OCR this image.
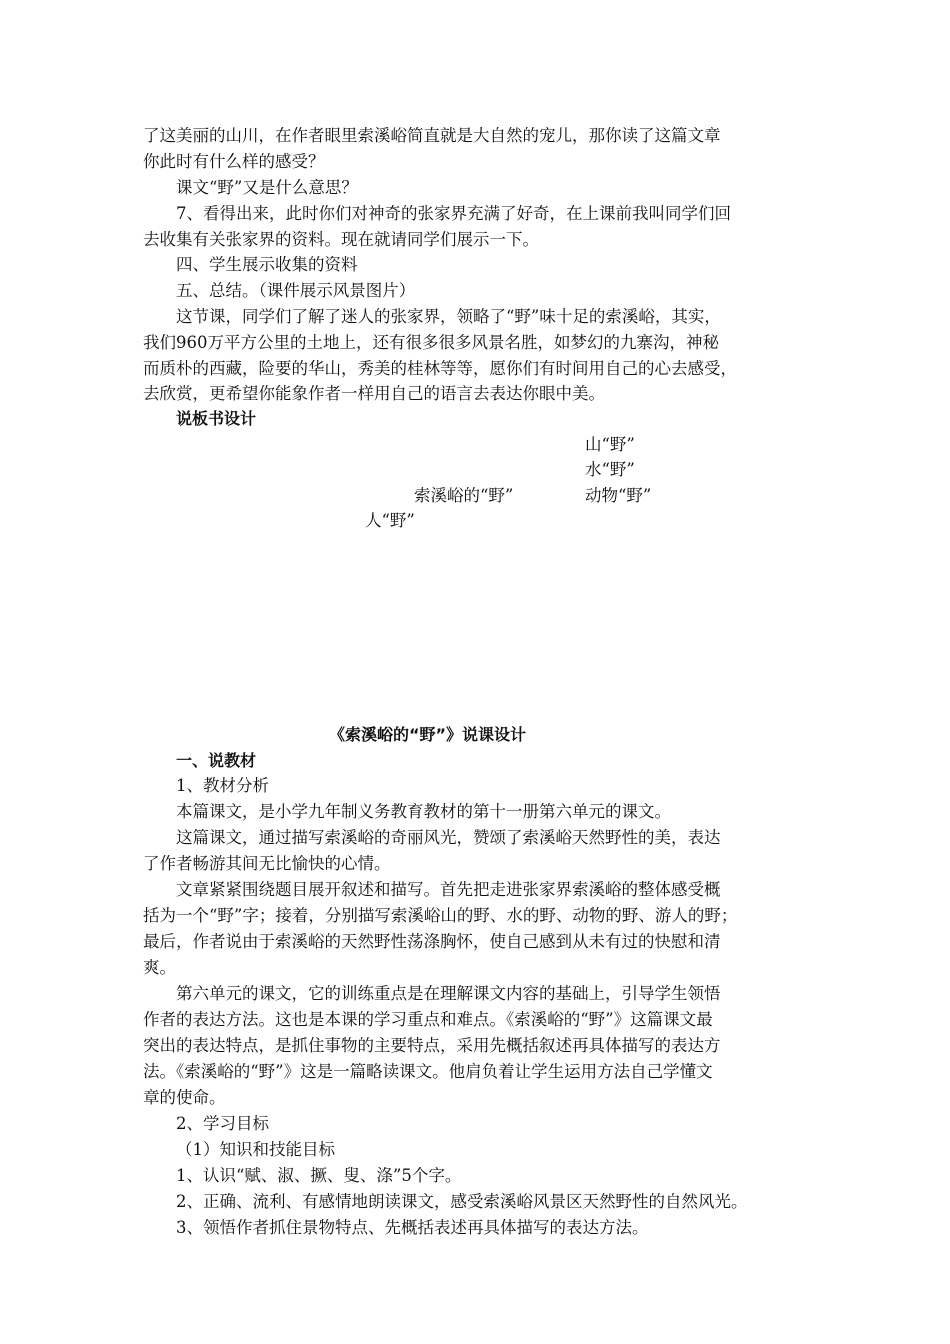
了这美丽的山川，在作者眼里索溪峪简直就是大自然的宠儿，那你读了这篇文章
你此时有什么样的感受？
课文“野”又是什么意思？
7、看得出来，此时你们对神奇的张家界充满了好奇，在上课前我叫同学们回
去收集有关张家界的资料。现在就请同学们展示一下。
四、学生展示收集的资料
五、总结。（课件展示风景图片）
这节课，同学们了解了迷人的张家界，领略了“野”味十足的索溪峪，其实，
我们960万平方公里的土地上，还有很多很多风景名胜，如梦幻的九寨沟，神秘
而质朴的西藏，险要的华山，秀美的桂林等等，愿你们有时间用自己的心去感受，
去欣赏，更希望你能象作者一样用自己的语言去表达你眼中美。
说板书设计
山“野”
水“野”
索溪峪的“野”	动物“野”
人“野”
《索溪峪的“野”》说课设计
一、说教材
1、教材分析
本篇课文，是小学九年制义务教育教材的第十一册第六单元的课文。
这篇课文，通过描写索溪峪的奇丽风光，赞颂了索溪峪天然野性的美，表达
了作者畅游其间无比愉快的心情。
文章紧紧围绕题目展开叙述和描写。首先把走进张家界索溪峪的整体感受概
括为一个“野”字；接着，分别描写索溪峪山的野、水的野、动物的野、游人的野；
最后，作者说由于索溪峪的天然野性荡涤胸怀，使自己感到从未有过的快慰和清
爽。
第六单元的课文，它的训练重点是在理解课文内容的基础上，引导学生领悟
作者的表达方法。这也是本课的学习重点和难点。《索溪峪的“野”》这篇课文最
突出的表达特点，是抓住事物的主要特点，采用先概括叙述再具体描写的表达方
法。《索溪峪的“野”》这是一篇略读课文。他肩负着让学生运用方法自己学懂文
章的使命。
2、学习目标
（1）知识和技能目标
1、认识“赋、淑、撅、叟、涤”5个字。
2、正确、流利、有感情地朗读课文，感受索溪峪风景区天然野性的自然风光。
3、领悟作者抓住景物特点、先概括表述再具体描写的表达方法。
